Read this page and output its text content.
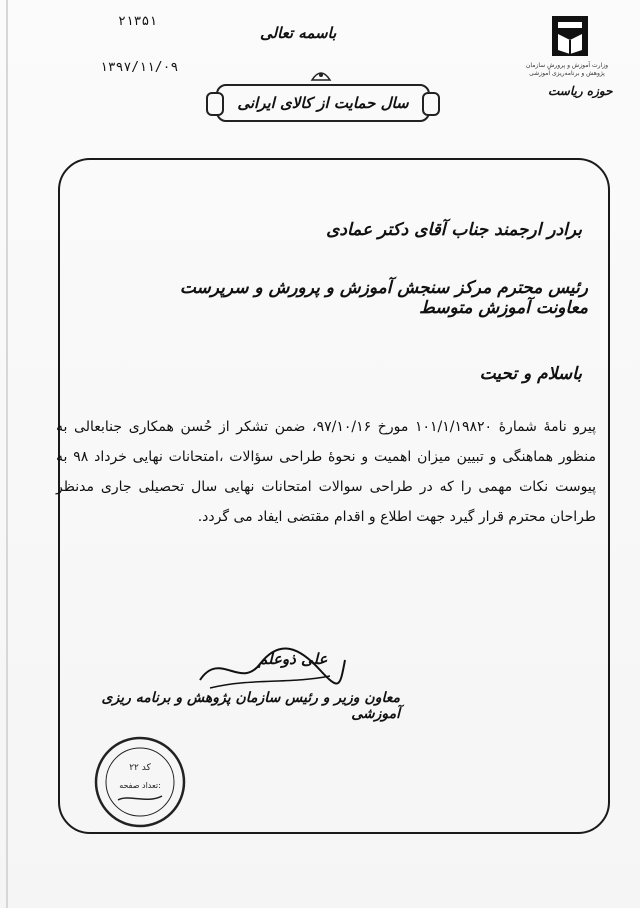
۲۱۳۵۱
۱۳۹۷/۱۱/۰۹
باسمه تعالی
سال حمایت از کالای ایرانی
وزارت آموزش و پرورش سازمان پژوهش و برنامه‌ریزی آموزشی
حوزه ریاست
برادر ارجمند جناب آقای دکتر عمادی
رئیس محترم مرکز سنجش آموزش و پرورش و سرپرست معاونت آموزش متوسط
باسلام و تحیت
پیرو نامهٔ شمارهٔ ۱۰۱/۱/۱۹۸۲۰ مورخ ۹۷/۱۰/۱۶، ضمن تشکر از حُسن همکاری جنابعالی به منظور هماهنگی و تبیین میزان اهمیت و نحوهٔ طراحی سؤالات ،امتحانات نهایی خرداد ۹۸ به پیوست نکات مهمی را که در طراحی سوالات امتحانات نهایی سال تحصیلی جاری مدنظر طراحان محترم قرار گیرد جهت اطلاع و اقدام مقتضی ایفاد می گردد.
علی ذوعلم
معاون وزیر و رئیس سازمان پژوهش و برنامه ریزی آموزشی
کد ۲۲
تعداد صفحه:
